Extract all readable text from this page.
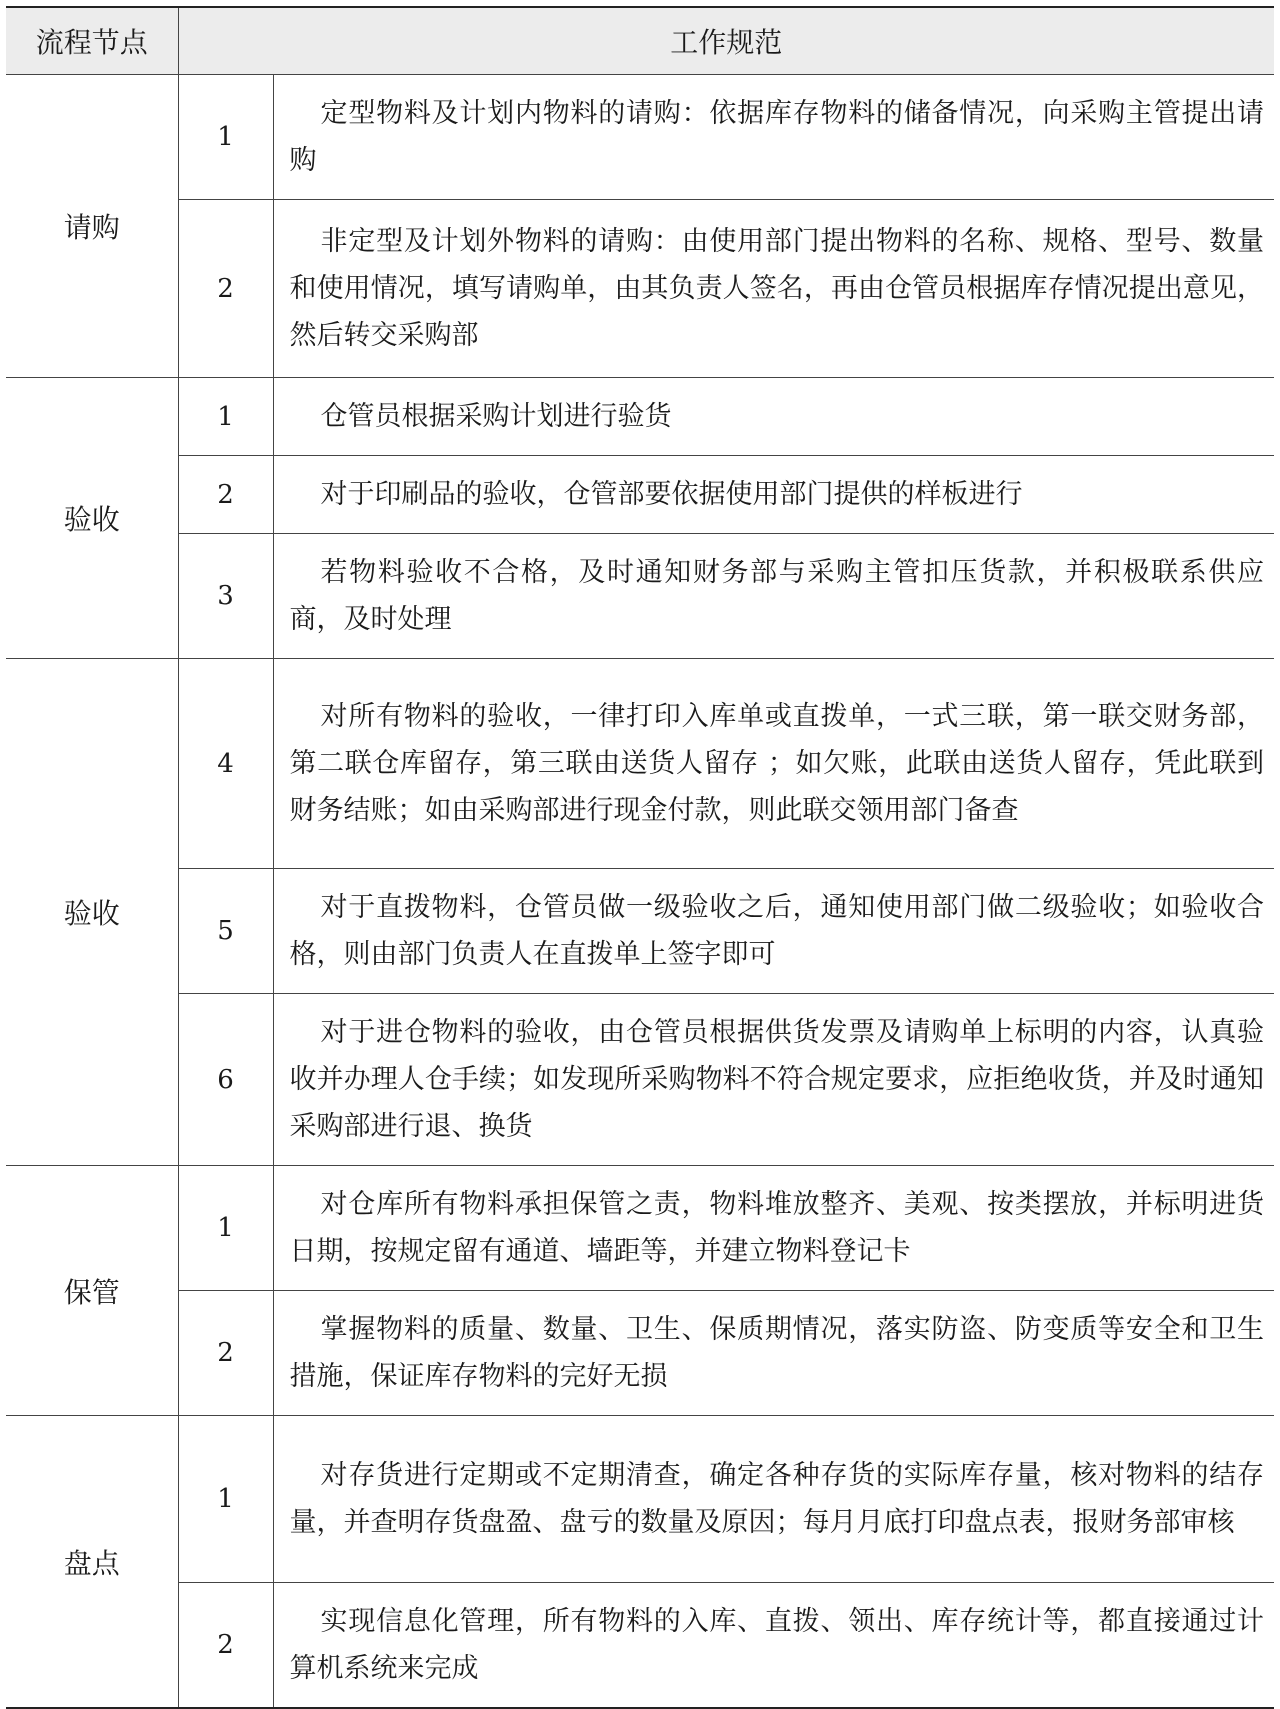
流程节点	工作规范	
请购	1	定型物料及计划内物料的请购：依据库存物料的储备情况，向采购主管提出请购
	2	非定型及计划外物料的请购：由使用部门提出物料的名称、规格、型号、数量和使用情况，填写请购单，由其负责人签名，再由仓管员根据库存情况提出意见，然后转交采购部
验收	1	仓管员根据采购计划进行验货
	2	对于印刷品的验收，仓管部要依据使用部门提供的样板进行
	3	若物料验收不合格，及时通知财务部与采购主管扣压货款，并积极联系供应商，及时处理
验收	4	对所有物料的验收，一律打印入库单或直拨单，一式三联，第一联交财务部，第二联仓库留存，第三联由送货人留存 ；如欠账，此联由送货人留存，凭此联到财务结账；如由采购部进行现金付款，则此联交领用部门备查
	5	对于直拨物料，仓管员做一级验收之后，通知使用部门做二级验收；如验收合格，则由部门负责人在直拨单上签字即可
	6	对于进仓物料的验收，由仓管员根据供货发票及请购单上标明的内容，认真验收并办理人仓手续；如发现所采购物料不符合规定要求，应拒绝收货，并及时通知采购部进行退、换货
保管	1	对仓库所有物料承担保管之责，物料堆放整齐、美观、按类摆放，并标明进货日期，按规定留有通道、墙距等，并建立物料登记卡
	2	掌握物料的质量、数量、卫生、保质期情况，落实防盗、防变质等安全和卫生措施，保证库存物料的完好无损
盘点	1	对存货进行定期或不定期清查，确定各种存货的实际库存量，核对物料的结存量，并查明存货盘盈、盘亏的数量及原因；每月月底打印盘点表，报财务部审核
	2	实现信息化管理，所有物料的入库、直拨、领出、库存统计等，都直接通过计算机系统来完成
